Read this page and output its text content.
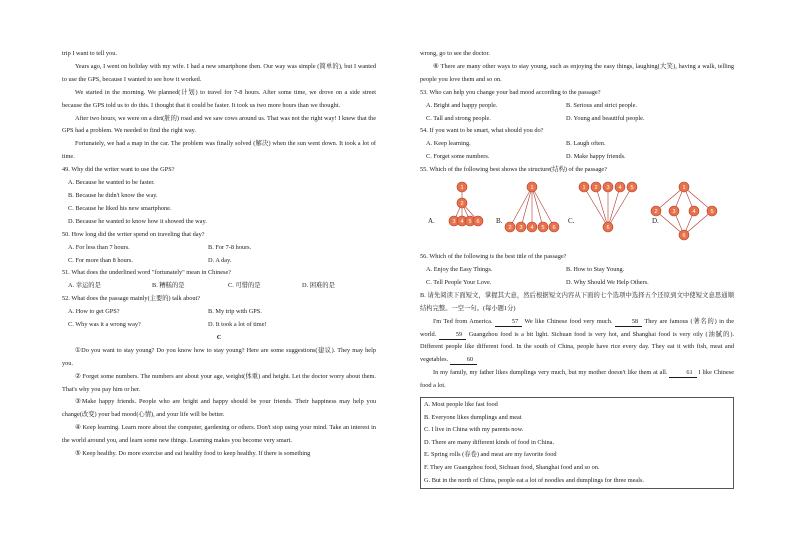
trip I want to tell you.

Years ago, I went on holiday with my wife. I had a new smartphone then. Our way was simple (简单的), but I wanted to use the GPS, because I wanted to see how it worked.

We started in the morning. We planned(计划) to travel for 7-8 hours. After some time, we drove on a side street because the GPS told us to do this. I thought that it could be faster. It took us two more hours than we thought.

After two hours, we were on a dirt(脏的) road and we saw cows around us. That was not the right way! I knew that the GPS had a problem. We needed to find the right way.

Fortunately, we had a map in the car. The problem was finally solved (解决) when the sun went down. It took a lot of time.

49. Why did the writer want to use the GPS?

A. Because he wanted to be faster.
B. Because he didn't know the way.
C. Because he liked his new smartphone.
D. Because he wanted to know how it showed the way.

50. How long did the writer spend on traveling that day?

A. For less than 7 hours.	B. For 7-8 hours.
C. For more than 8 hours.	D. A day.

51. What does the underlined word "fortunately" mean in Chinese?

A. 幸运的是	B. 糟糕的是	C. 可惜的是	D. 困难的是

52. What does the passage mainly(主要的) talk about?

A. How to get GPS?	B. My trip with GPS.
C. Why was it a wrong way?	D. It took a lot of time!
C

①Do you want to stay young? Do you know how to stay young? Here are some suggestions(建议). They may help you.

② Forget some numbers. The numbers are about your age, weight(体重) and height. Let the doctor worry about them. That's why you pay him or her.

③Make happy friends. People who are bright and happy should be your friends. Their happiness may help you change(改变) your bad mood(心情), and your life will be better.

④ Keep learning. Learn more about the computer, gardening or others. Don't stop using your mind. Take an interest in the world around you, and learn some new things. Learning makes you become very smart.

⑤ Keep healthy. Do more exercise and eat healthy food to keep healthy. If there is something

wrong, go to see the doctor.

⑥ There are many other ways to stay young, such as enjoying the easy things, laughing(大笑), having a walk, telling people you love them and so on.

53. Who can help you change your bad mood according to the passage?

A. Bright and happy people.	B. Serious and strict people.
C. Tall and strong people.	D. Young and beautiful people.

54. If you want to be smart, what should you do?

A. Keep learning.	B. Laugh often.
C. Forget some numbers.	D. Make happy friends.

55. Which of the following best shows the structure(结构) of the passage?

1
2
3 4 5 6
1
2 3 4 5 6
1 2 3 4 5
6
1
2	3	4	5
6
A.	B.	C.	D.

56. Which of the following is the best title of the passage?

A. Enjoy the Easy Things.	B. How to Stay Young.
C. Tell People Your Love.	D. Why Should We Help Others.

B. 请先阅读下面短文，掌握其大意，然后根据短文内容从下面的七个选项中选择五个还原到文中使短文意思通顺结构完整。一空一句。(每小题1分)

I'm Ted from America.	57 We like Chinese food very much.	58 They are famous (著名的) in the world.	59 Guangzhou food is a bit light. Sichuan food is very hot, and Shanghai food is very oily (油腻的). Different people like different food. In the south of China, people have rice every day. They eat it with fish, meat and vegetables.	60

In my family, my father likes dumplings very much, but my mother doesn't like them at all.	61 I like Chinese food a lot.

A. Most people like fast food
B. Everyone likes dumplings and meat
C. I live in China with my parents now.
D. There are many different kinds of food in China.
E. Spring rolls (春卷) and meat are my favorite food
F. They are Guangzhou food, Sichuan food, Shanghai food and so on.
G. But in the north of China, people eat a lot of noodles and dumplings for three meals.
